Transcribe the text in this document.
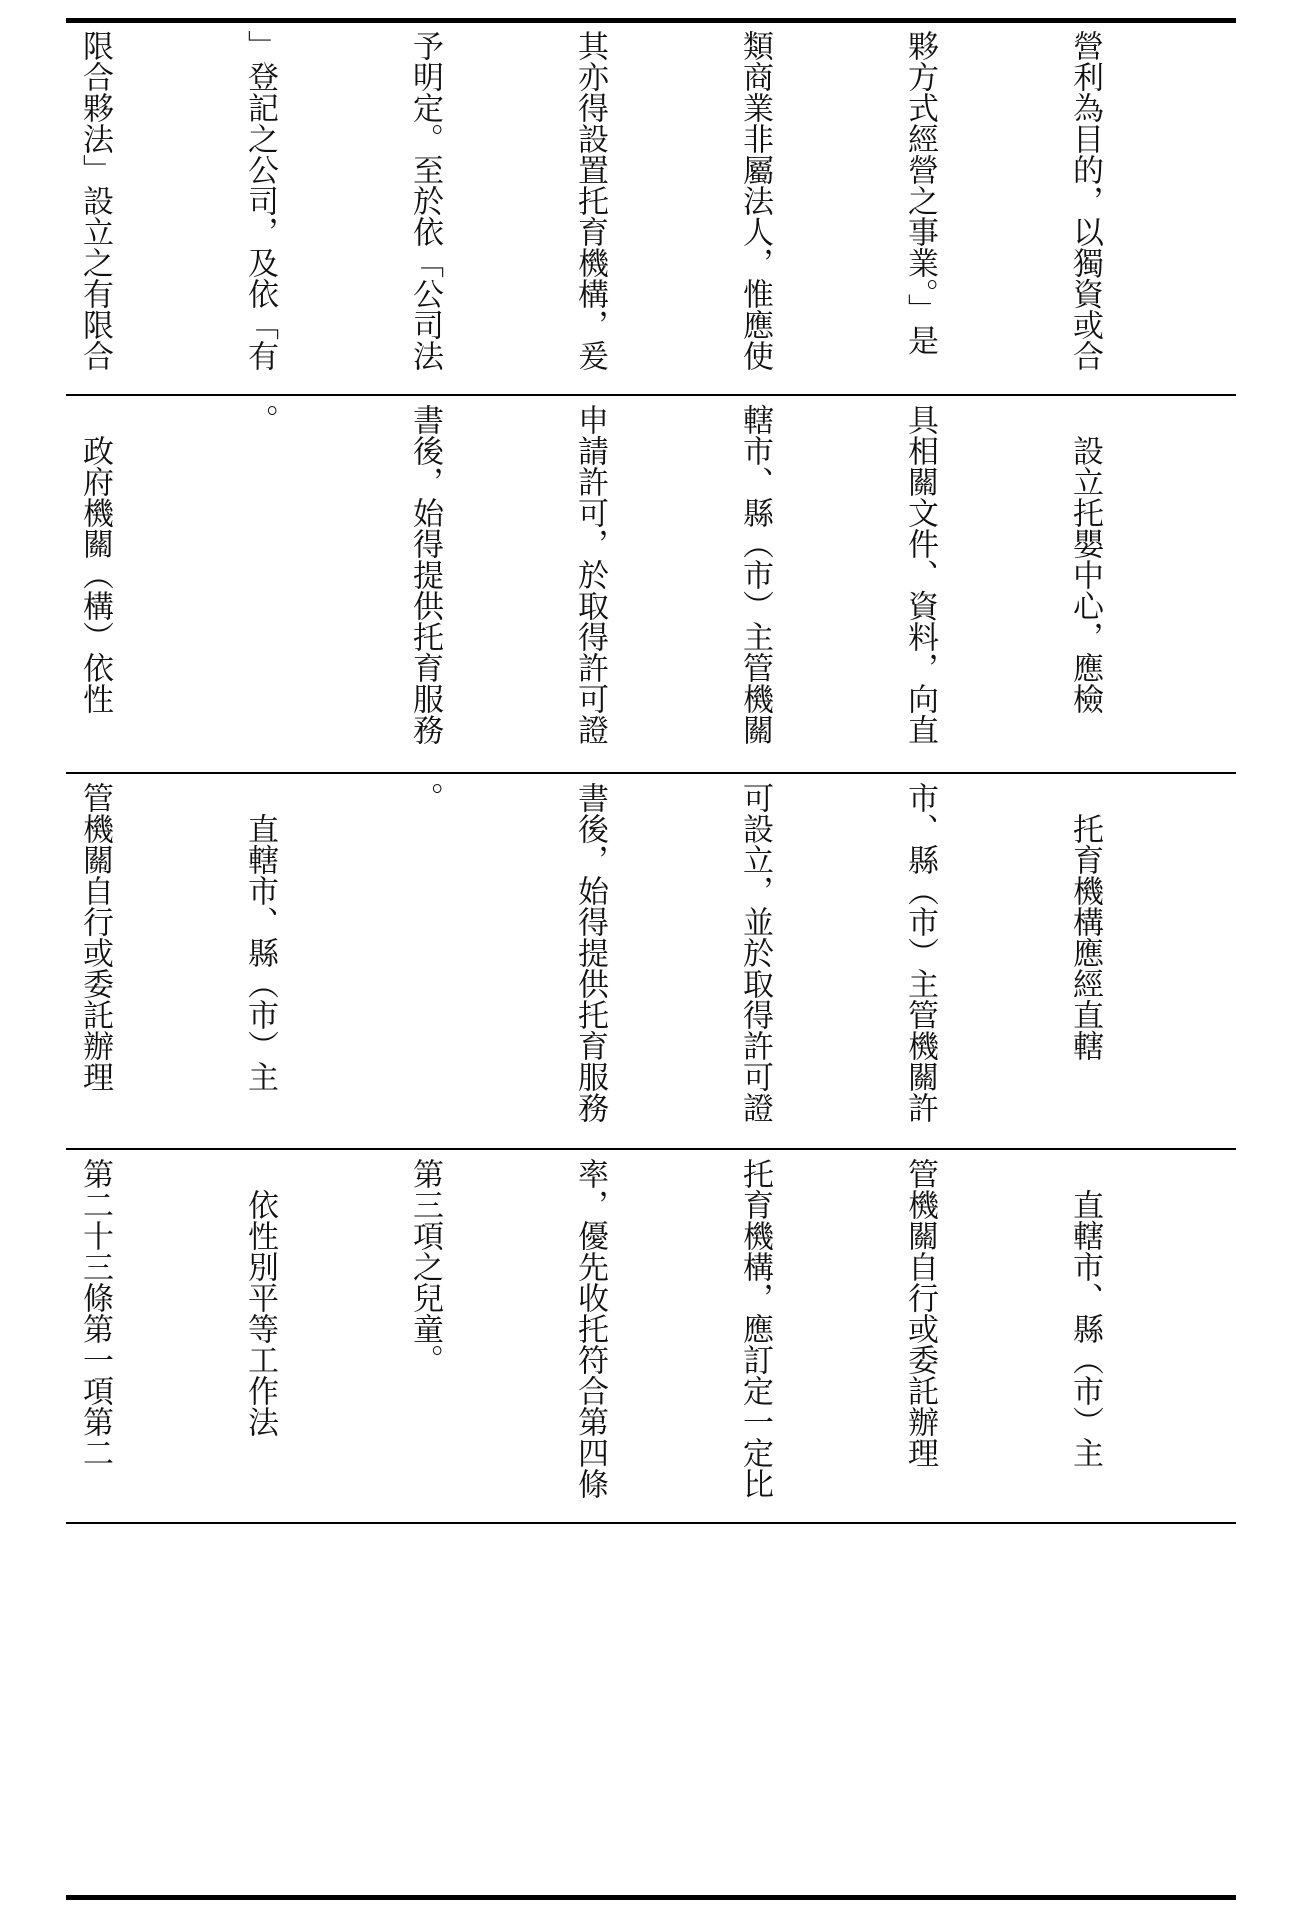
營利為目的，以獨資或合

夥方式經營之事業。」是

類商業非屬法人，惟應使

其亦得設置托育機構，爰

予明定。至於依「公司法

」登記之公司，及依「有

限合夥法」設立之有限合

　設立托嬰中心，應檢

具相關文件、資料，向直

轄市、縣（市）主管機關

申請許可，於取得許可證

書後，始得提供托育服務

。

　政府機關（構）依性

　托育機構應經直轄

市、縣（市）主管機關許

可設立，並於取得許可證

書後，始得提供托育服務

。

　直轄市、縣（市）主

管機關自行或委託辦理

　直轄市、縣（市）主

管機關自行或委託辦理

托育機構，應訂定一定比

率，優先收托符合第四條

第三項之兒童。

　依性別平等工作法

第二十三條第一項第二
